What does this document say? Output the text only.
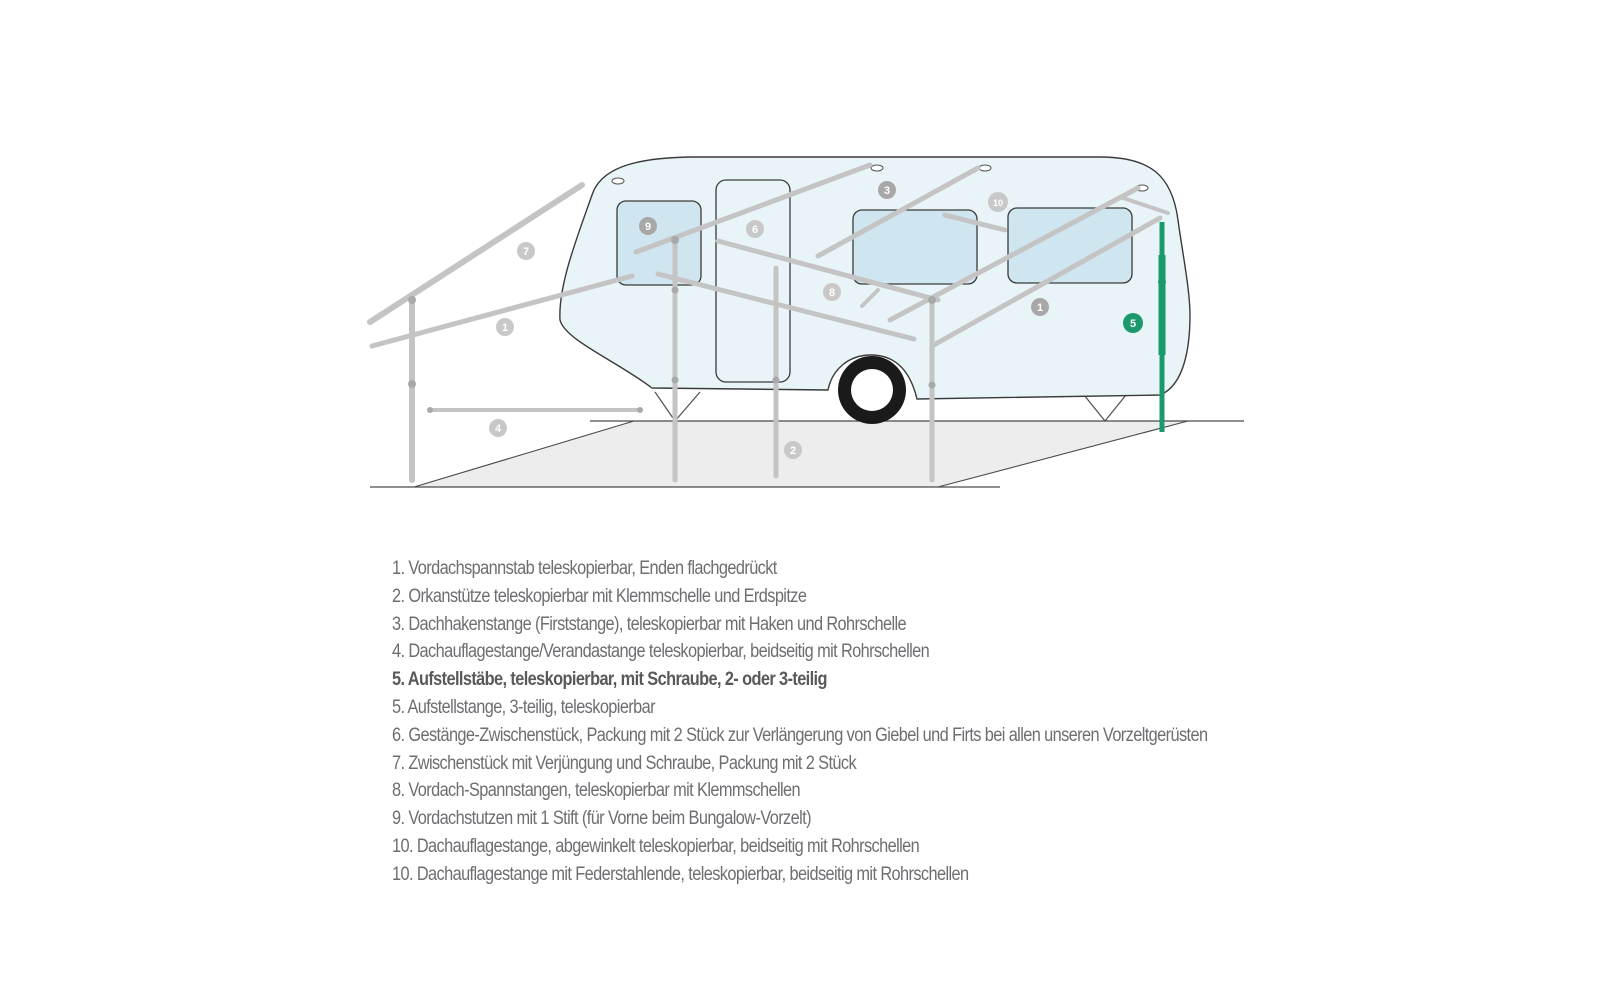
1
1
2
3
4
5
6
7
8
9
10
1. Vordachspannstab teleskopierbar, Enden flachgedrückt
2. Orkanstütze teleskopierbar mit Klemmschelle und Erdspitze
3. Dachhakenstange (Firststange), teleskopierbar mit Haken und Rohrschelle
4. Dachauflagestange/Verandastange teleskopierbar, beidseitig mit Rohrschellen
5. Aufstellstäbe, teleskopierbar, mit Schraube, 2- oder 3-teilig
5. Aufstellstange, 3-teilig, teleskopierbar
6. Gestänge-Zwischenstück, Packung mit 2 Stück zur Verlängerung von Giebel und Firts bei allen unseren Vorzeltgerüsten
7. Zwischenstück mit Verjüngung und Schraube, Packung mit 2 Stück
8. Vordach-Spannstangen, teleskopierbar mit Klemmschellen
9. Vordachstutzen mit 1 Stift (für Vorne beim Bungalow-Vorzelt)
10. Dachauflagestange, abgewinkelt teleskopierbar, beidseitig mit Rohrschellen
10. Dachauflagestange mit Federstahlende, teleskopierbar, beidseitig mit Rohrschellen
